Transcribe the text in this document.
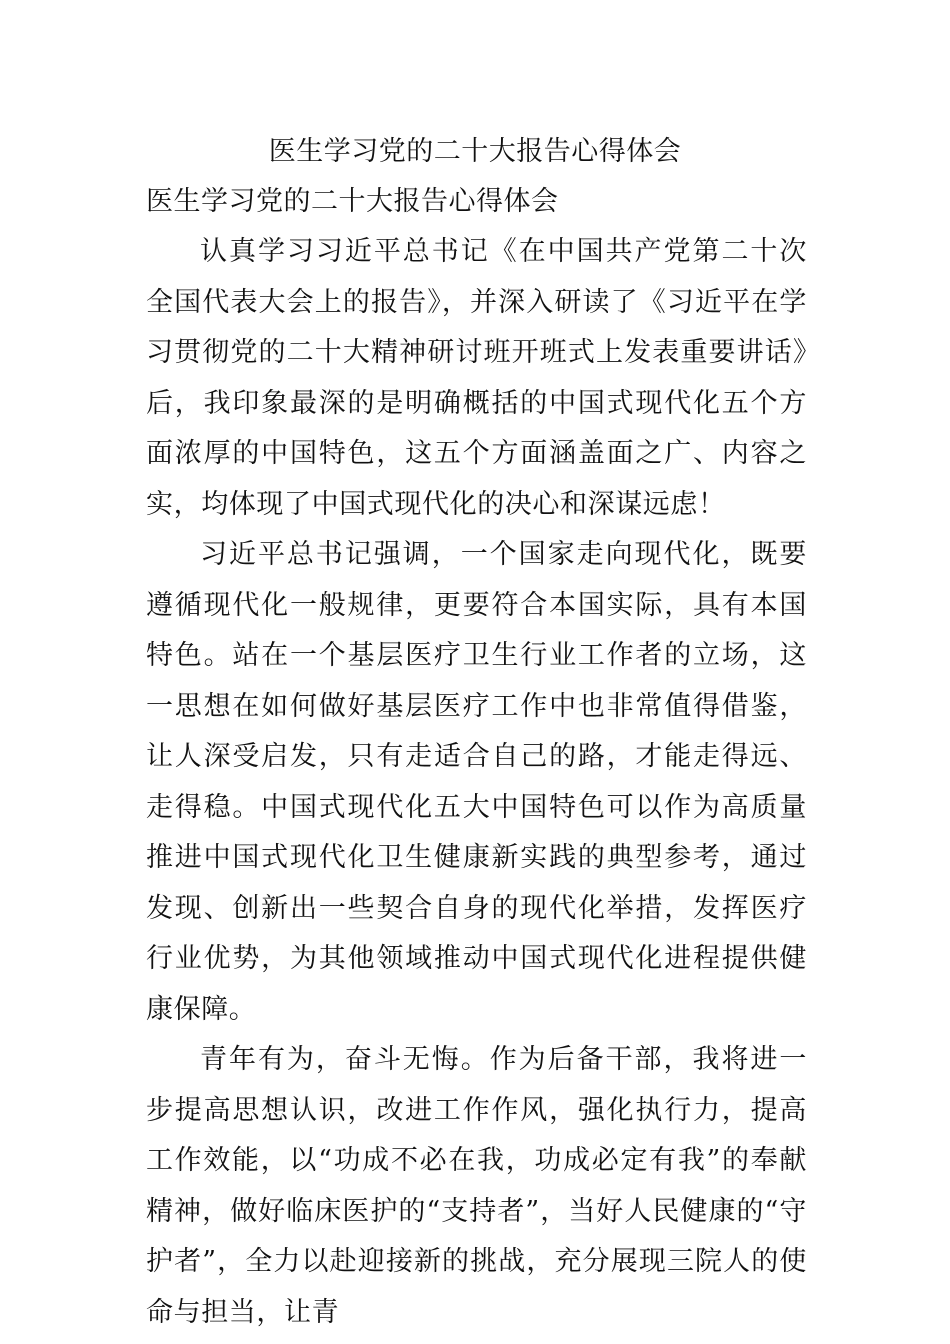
医生学习党的二十大报告心得体会
医生学习党的二十大报告心得体会

认真学习习近平总书记《在中国共产党第二十次全国代表大会上的报告》，并深入研读了《习近平在学习贯彻党的二十大精神研讨班开班式上发表重要讲话》后，我印象最深的是明确概括的中国式现代化五个方面浓厚的中国特色，这五个方面涵盖面之广、内容之实，均体现了中国式现代化的决心和深谋远虑！

习近平总书记强调，一个国家走向现代化，既要遵循现代化一般规律，更要符合本国实际，具有本国特色。站在一个基层医疗卫生行业工作者的立场，这一思想在如何做好基层医疗工作中也非常值得借鉴，让人深受启发，只有走适合自己的路，才能走得远、走得稳。中国式现代化五大中国特色可以作为高质量推进中国式现代化卫生健康新实践的典型参考，通过发现、创新出一些契合自身的现代化举措，发挥医疗行业优势，为其他领域推动中国式现代化进程提供健康保障。

青年有为，奋斗无悔。作为后备干部，我将进一步提高思想认识，改进工作作风，强化执行力，提高工作效能，以“功成不必在我，功成必定有我”的奉献精神，做好临床医护的“支持者”，当好人民健康的“守护者”，全力以赴迎接新的挑战，充分展现三院人的使命与担当，让青
